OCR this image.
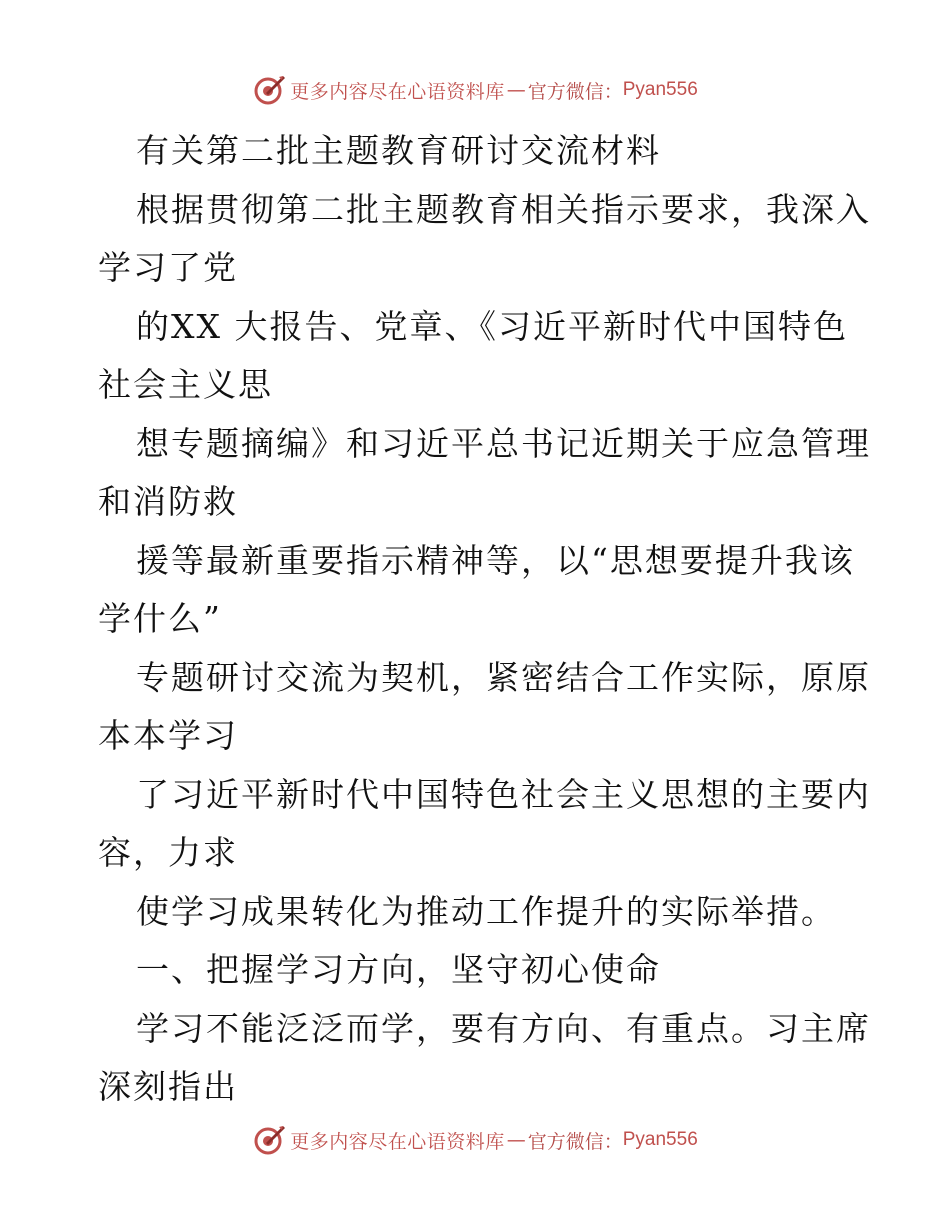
更多内容尽在心语资料库 — 官方微信： Pyan556
有关第二批主题教育研讨交流材料
根据贯彻第二批主题教育相关指示要求，我深入
学习了党
的XX 大报告、党章、《习近平新时代中国特色
社会主义思
想专题摘编》和习近平总书记近期关于应急管理
和消防救
援等最新重要指示精神等，以“思想要提升我该
学什么”
专题研讨交流为契机，紧密结合工作实际，原原
本本学习
了习近平新时代中国特色社会主义思想的主要内
容，力求
使学习成果转化为推动工作提升的实际举措。
一、把握学习方向，坚守初心使命
学习不能泛泛而学，要有方向、有重点。习主席
深刻指出
更多内容尽在心语资料库 — 官方微信： Pyan556
